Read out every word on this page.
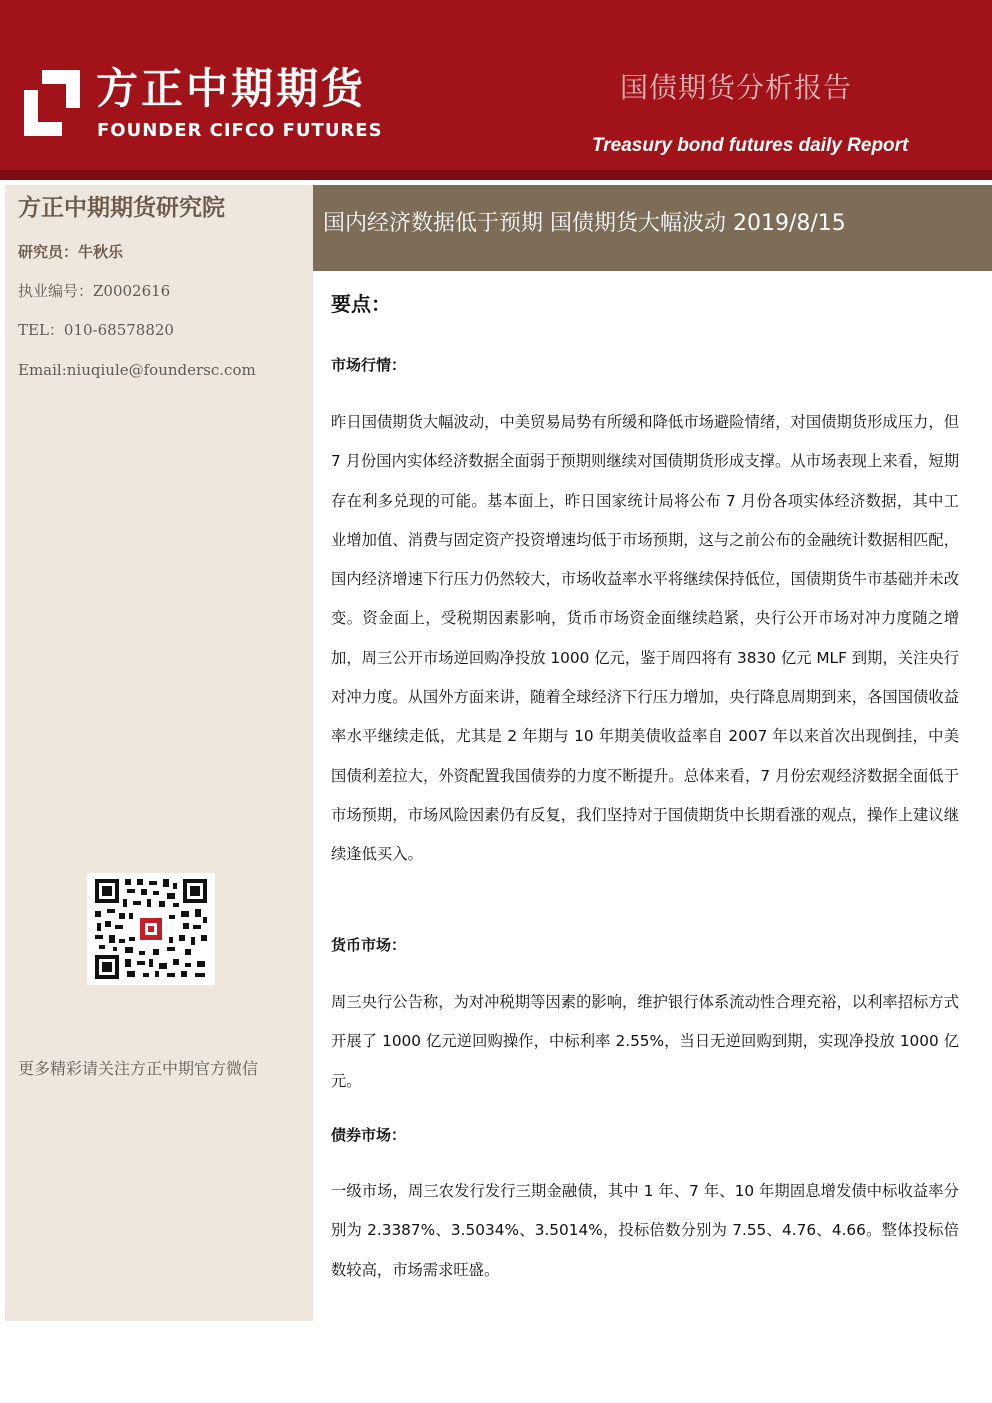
方正中期期货
FOUNDER CIFCO FUTURES
国债期货分析报告
Treasury bond futures daily Report
方正中期期货研究院
研究员：牛秋乐
执业编号：Z0002616
TEL：010-68578820
Email:niuqiule@foundersc.com
更多精彩请关注方正中期官方微信
国内经济数据低于预期 国债期货大幅波动 2019/8/15
要点：
市场行情：
昨日国债期货大幅波动，中美贸易局势有所缓和降低市场避险情绪，对国债期货形成压力，但 7 月份国内实体经济数据全面弱于预期则继续对国债期货形成支撑。从市场表现上来看，短期存在利多兑现的可能。基本面上，昨日国家统计局将公布 7 月份各项实体经济数据，其中工业增加值、消费与固定资产投资增速均低于市场预期，这与之前公布的金融统计数据相匹配，国内经济增速下行压力仍然较大，市场收益率水平将继续保持低位，国债期货牛市基础并未改变。资金面上，受税期因素影响，货币市场资金面继续趋紧，央行公开市场对冲力度随之增加，周三公开市场逆回购净投放 1000 亿元，鉴于周四将有 3830 亿元 MLF 到期，关注央行对冲力度。从国外方面来讲，随着全球经济下行压力增加，央行降息周期到来，各国国债收益率水平继续走低，尤其是 2 年期与 10 年期美债收益率自 2007 年以来首次出现倒挂，中美国债利差拉大，外资配置我国债券的力度不断提升。总体来看，7 月份宏观经济数据全面低于市场预期，市场风险因素仍有反复，我们坚持对于国债期货中长期看涨的观点，操作上建议继续逢低买入。
货币市场：
周三央行公告称，为对冲税期等因素的影响，维护银行体系流动性合理充裕，以利率招标方式开展了 1000 亿元逆回购操作，中标利率 2.55%，当日无逆回购到期，实现净投放 1000 亿元。
债券市场：
一级市场，周三农发行发行三期金融债，其中 1 年、7 年、10 年期固息增发债中标收益率分别为 2.3387%、3.5034%、3.5014%，投标倍数分别为 7.55、4.76、4.66。整体投标倍数较高，市场需求旺盛。
